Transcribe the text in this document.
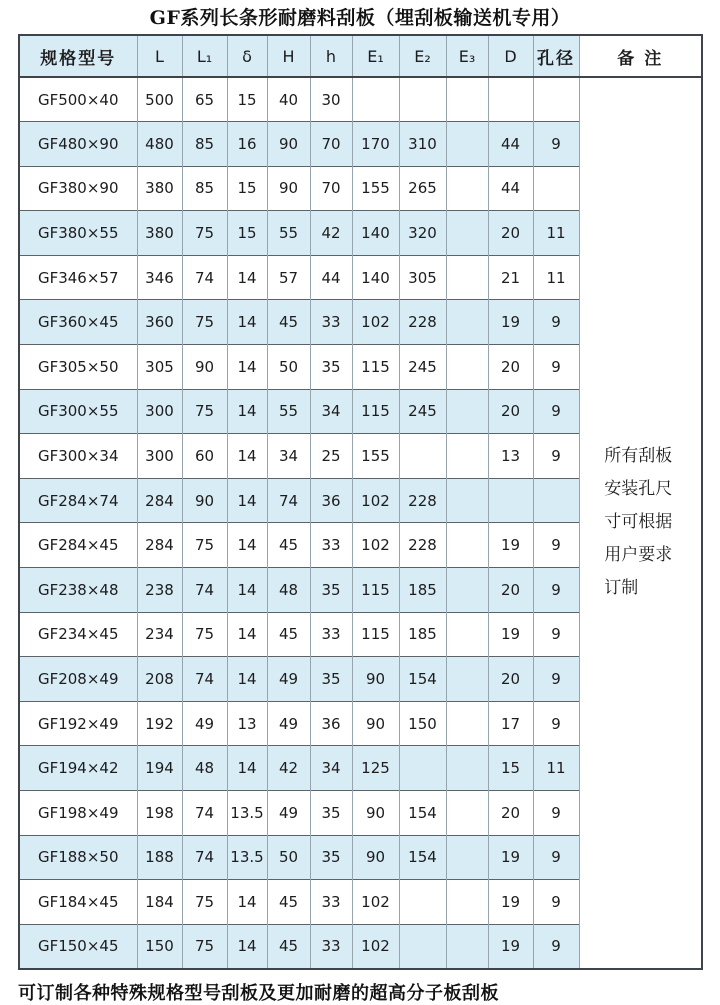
GF系列长条形耐磨料刮板（埋刮板输送机专用）
规格型号	L	L₁	δ	H	h	E₁	E₂	E₃	D	孔径	备 注
GF500×40	500	65	15	40	30						所有刮板安装孔尺寸可根据用户要求订制

GF480×90	480	85	16	90	70	170	310		44	9	
GF380×90	380	85	15	90	70	155	265		44		
GF380×55	380	75	15	55	42	140	320		20	11	
GF346×57	346	74	14	57	44	140	305		21	11	
GF360×45	360	75	14	45	33	102	228		19	9	
GF305×50	305	90	14	50	35	115	245		20	9	
GF300×55	300	75	14	55	34	115	245		20	9	
GF300×34	300	60	14	34	25	155			13	9	
GF284×74	284	90	14	74	36	102	228				
GF284×45	284	75	14	45	33	102	228		19	9	
GF238×48	238	74	14	48	35	115	185		20	9	
GF234×45	234	75	14	45	33	115	185		19	9	
GF208×49	208	74	14	49	35	90	154		20	9	
GF192×49	192	49	13	49	36	90	150		17	9	
GF194×42	194	48	14	42	34	125			15	11	
GF198×49	198	74	13.5	49	35	90	154		20	9	
GF188×50	188	74	13.5	50	35	90	154		19	9	
GF184×45	184	75	14	45	33	102			19	9	
GF150×45	150	75	14	45	33	102			19	9	
可订制各种特殊规格型号刮板及更加耐磨的超高分子板刮板
